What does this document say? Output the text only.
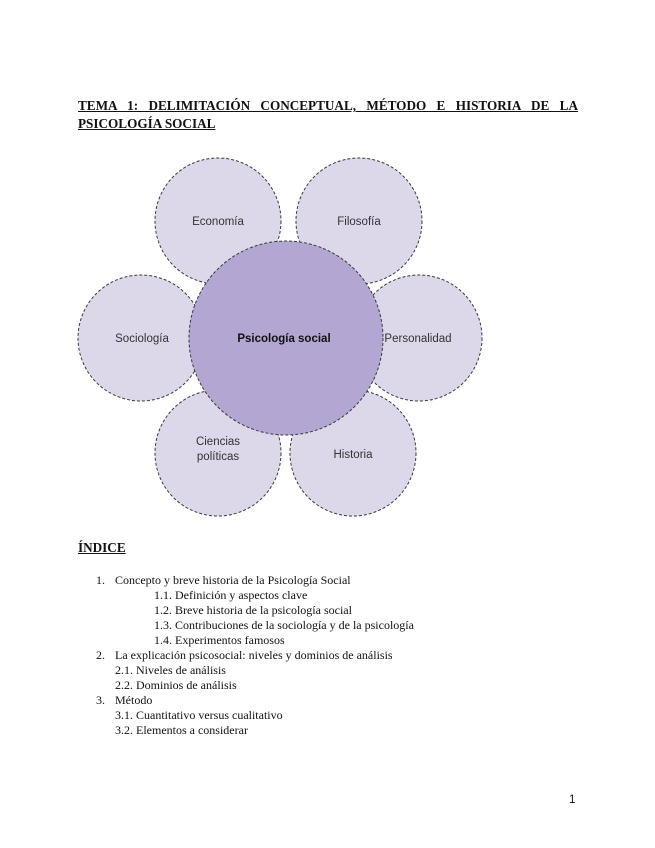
TEMA 1: DELIMITACIÓN CONCEPTUAL, MÉTODO E HISTORIA DE LA
PSICOLOGÍA SOCIAL
Economía	Filosofía
Sociología	Personalidad
Ciencias
políticas	Historia
Psicología social
ÍNDICE
1. Concepto y breve historia de la Psicología Social
1.1. Definición y aspectos clave
1.2. Breve historia de la psicología social
1.3. Contribuciones de la sociología y de la psicología
1.4. Experimentos famosos
2. La explicación psicosocial: niveles y dominios de análisis
2.1. Niveles de análisis
2.2. Dominios de análisis
3. Método
3.1. Cuantitativo versus cualitativo
3.2. Elementos a considerar
1
